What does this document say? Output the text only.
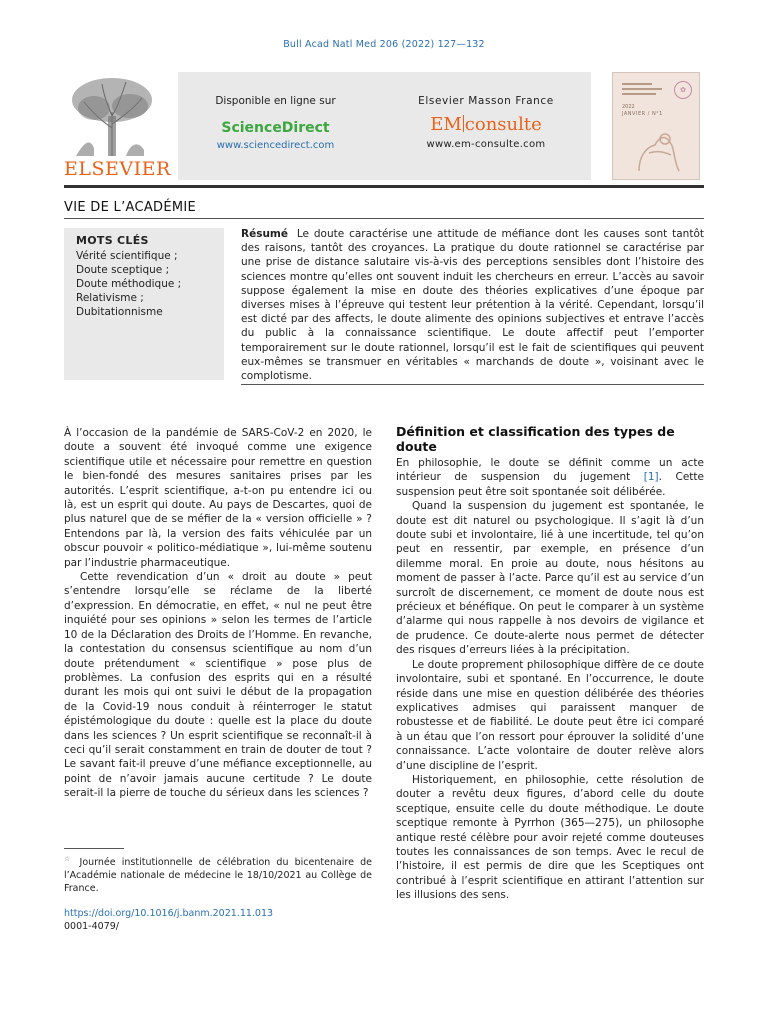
Bull Acad Natl Med 206 (2022) 127—132
ELSEVIER
Disponible en ligne sur
ScienceDirect
www.sciencedirect.com
Elsevier Masson France
EM consulte
www.em-consulte.com
✿
2022
JANVIER / N°1
VIE DE L’ACADÉMIE
MOTS CLÉS
Vérité scientifique ;
Doute sceptique ;
Doute méthodique ;
Relativisme ;
Dubitationnisme
Résumé Le doute caractérise une attitude de méfiance dont les causes sont tantôt des raisons, tantôt des croyances. La pratique du doute rationnel se caractérise par une prise de distance salutaire vis-à-vis des perceptions sensibles dont l’histoire des sciences montre qu’elles ont souvent induit les chercheurs en erreur. L’accès au savoir suppose également la mise en doute des théories explicatives d’une époque par diverses mises à l’épreuve qui testent leur prétention à la vérité. Cependant, lorsqu’il est dicté par des affects, le doute alimente des opinions subjectives et entrave l’accès du public à la connaissance scientifique. Le doute affectif peut l’emporter temporairement sur le doute rationnel, lorsqu’il est le fait de scientifiques qui peuvent eux-mêmes se transmuer en véritables « marchands de doute », voisinant avec le complotisme.

À l’occasion de la pandémie de SARS-CoV-2 en 2020, le doute a souvent été invoqué comme une exigence scientifique utile et nécessaire pour remettre en question le bien-fondé des mesures sanitaires prises par les autorités. L’esprit scientifique, a-t-on pu entendre ici ou là, est un esprit qui doute. Au pays de Descartes, quoi de plus naturel que de se méfier de la « version officielle » ? Entendons par là, la version des faits véhiculée par un obscur pouvoir « politico-médiatique », lui-même soutenu par l’industrie pharmaceutique.

Cette revendication d’un « droit au doute » peut s’entendre lorsqu’elle se réclame de la liberté d’expression. En démocratie, en effet, « nul ne peut être inquiété pour ses opinions » selon les termes de l’article 10 de la Déclaration des Droits de l’Homme. En revanche, la contestation du consensus scientifique au nom d’un doute prétendument « scientifique » pose plus de problèmes. La confusion des esprits qui en a résulté durant les mois qui ont suivi le début de la propagation de la Covid-19 nous conduit à réinterroger le statut épistémologique du doute : quelle est la place du doute dans les sciences ? Un esprit scientifique se reconnaît-il à ceci qu’il serait constamment en train de douter de tout ? Le savant fait-il preuve d’une méfiance exceptionnelle, au point de n’avoir jamais aucune certitude ? Le doute serait-il la pierre de touche du sérieux dans les sciences ?

Définition et classification des types de doute

En philosophie, le doute se définit comme un acte intérieur de suspension du jugement [1]. Cette suspension peut être soit spontanée soit délibérée.

Quand la suspension du jugement est spontanée, le doute est dit naturel ou psychologique. Il s’agit là d’un doute subi et involontaire, lié à une incertitude, tel qu’on peut en ressentir, par exemple, en présence d’un dilemme moral. En proie au doute, nous hésitons au moment de passer à l’acte. Parce qu’il est au service d’un surcroît de discernement, ce moment de doute nous est précieux et bénéfique. On peut le comparer à un système d’alarme qui nous rappelle à nos devoirs de vigilance et de prudence. Ce doute-alerte nous permet de détecter des risques d’erreurs liées à la précipitation.

Le doute proprement philosophique diffère de ce doute involontaire, subi et spontané. En l’occurrence, le doute réside dans une mise en question délibérée des théories explicatives admises qui paraissent manquer de robustesse et de fiabilité. Le doute peut être ici comparé à un étau que l’on ressort pour éprouver la solidité d’une connaissance. L’acte volontaire de douter relève alors d’une discipline de l’esprit.

Historiquement, en philosophie, cette résolution de douter a revêtu deux figures, d’abord celle du doute sceptique, ensuite celle du doute méthodique. Le doute sceptique remonte à Pyrrhon (365—275), un philosophe antique resté célèbre pour avoir rejeté comme douteuses toutes les connaissances de son temps. Avec le recul de l’histoire, il est permis de dire que les Sceptiques ont contribué à l’esprit scientifique en attirant l’attention sur les illusions des sens.

☆ Journée institutionnelle de célébration du bicentenaire de l’Académie nationale de médecine le 18/10/2021 au Collège de France.
https://doi.org/10.1016/j.banm.2021.11.013
0001-4079/
